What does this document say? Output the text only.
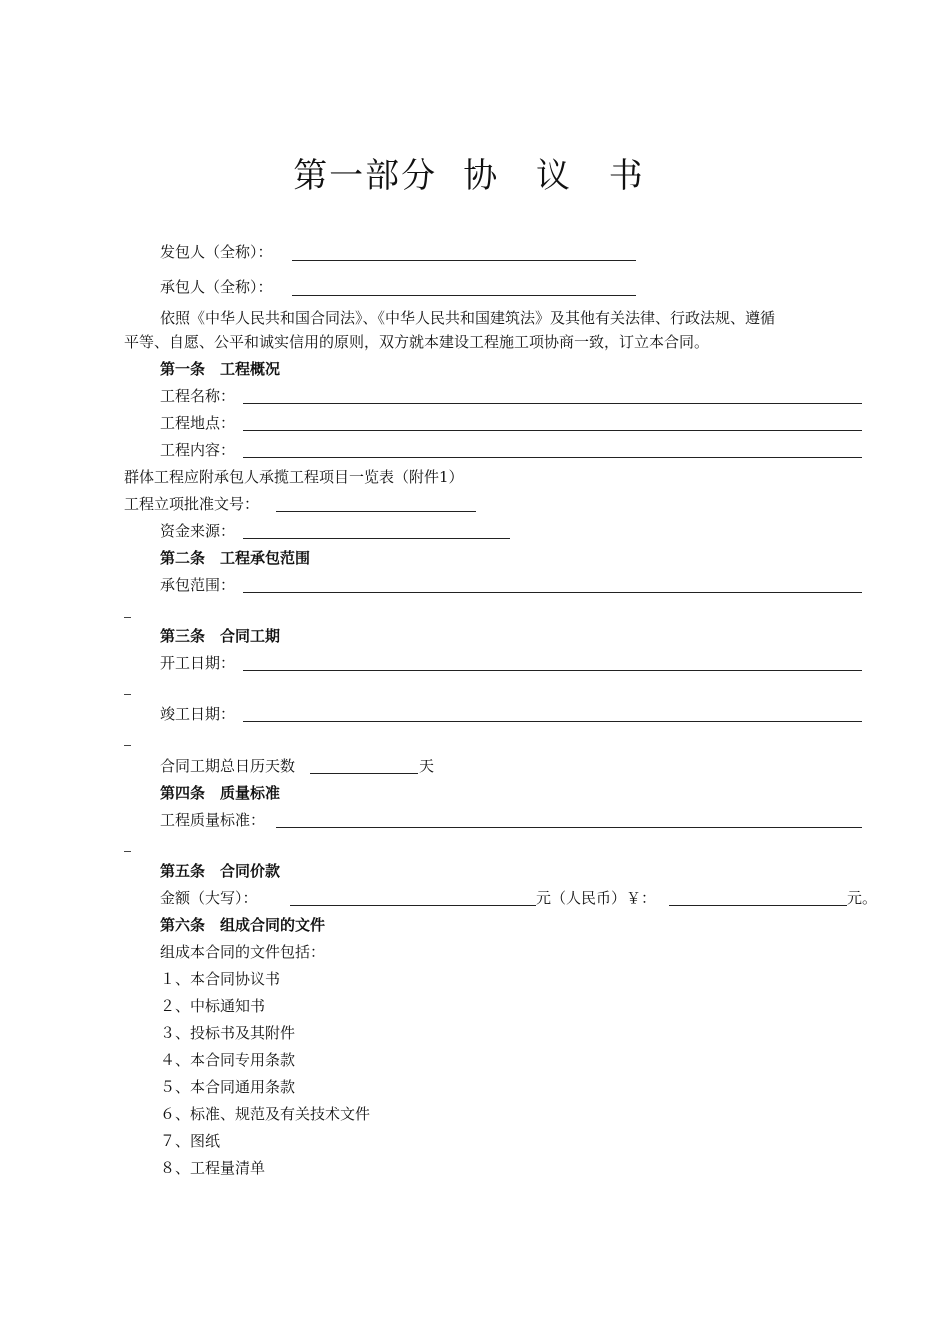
第一部分 协 议 书
发包人（全称）：
承包人（全称）：
依照《中华人民共和国合同法》、《中华人民共和国建筑法》及其他有关法律、行政法规、遵循
平等、自愿、公平和诚实信用的原则，双方就本建设工程施工项协商一致，订立本合同。
第一条　工程概况
工程名称：
工程地点：
工程内容：
群体工程应附承包人承揽工程项目一览表（附件1）
工程立项批准文号：
资金来源：
第二条　工程承包范围
承包范围：
第三条　合同工期
开工日期：
竣工日期：
合同工期总日历天数	天
第四条　质量标准
工程质量标准：
第五条　合同价款
金额（大写）：	元（人民币）￥：	元。
第六条　组成合同的文件
组成本合同的文件包括：
１、本合同协议书
２、中标通知书
３、投标书及其附件
４、本合同专用条款
５、本合同通用条款
６、标准、规范及有关技术文件
７、图纸
８、工程量清单
